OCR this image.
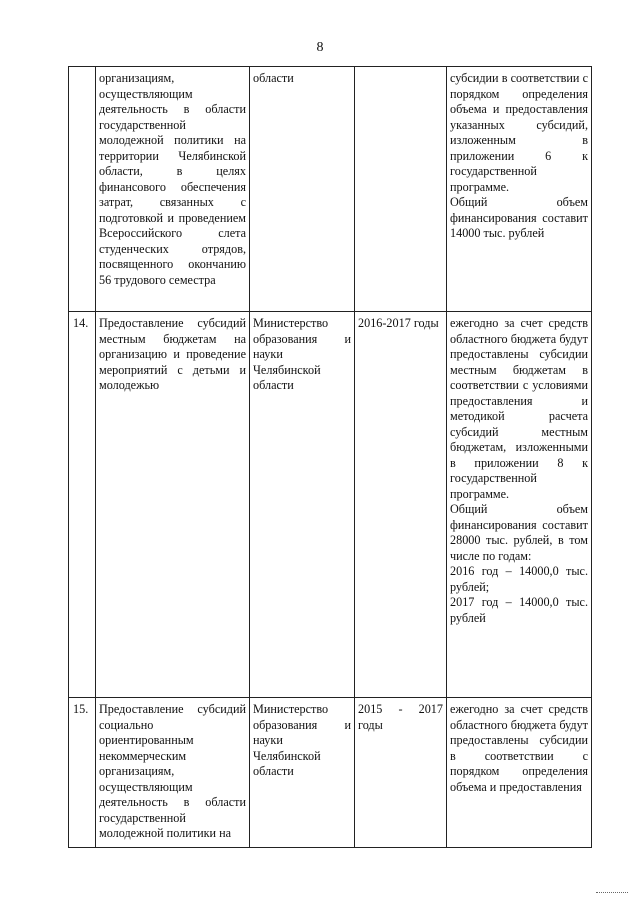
8
	организациям, осуществляющим деятельность в области государственной молодежной политики на территории Челябинской области, в целях финансового обеспечения затрат, связанных с подготовкой и проведением Всероссийского слета студенческих отрядов, посвященного окончанию 56 трудового семестра	области		субсидии в соответствии с порядком определения объема и предоставления указанных субсидий, изложенным в приложении 6 к государственной программе.
Общий объем финансирования составит 14000 тыс. рублей

14.	Предоставление субсидий местным бюджетам на организацию и проведение мероприятий с детьми и молодежью	Министерство образования и науки Челябинской области	2016-2017 годы	ежегодно за счет средств областного бюджета будут предоставлены субсидии местным бюджетам в соответствии с условиями предоставления и методикой расчета субсидий местным бюджетам, изложенными в приложении 8 к государственной программе.
Общий объем финансирования составит 28000 тыс. рублей, в том числе по годам:
2016 год – 14000,0 тыс. рублей;
2017 год – 14000,0 тыс. рублей

15.	Предоставление субсидий социально ориентированным некоммерческим организациям, осуществляющим деятельность в области государственной молодежной политики на	Министерство образования и науки Челябинской области	2015 - 2017 годы	ежегодно за счет средств областного бюджета будут предоставлены субсидии в соответствии с порядком определения объема и предоставления
